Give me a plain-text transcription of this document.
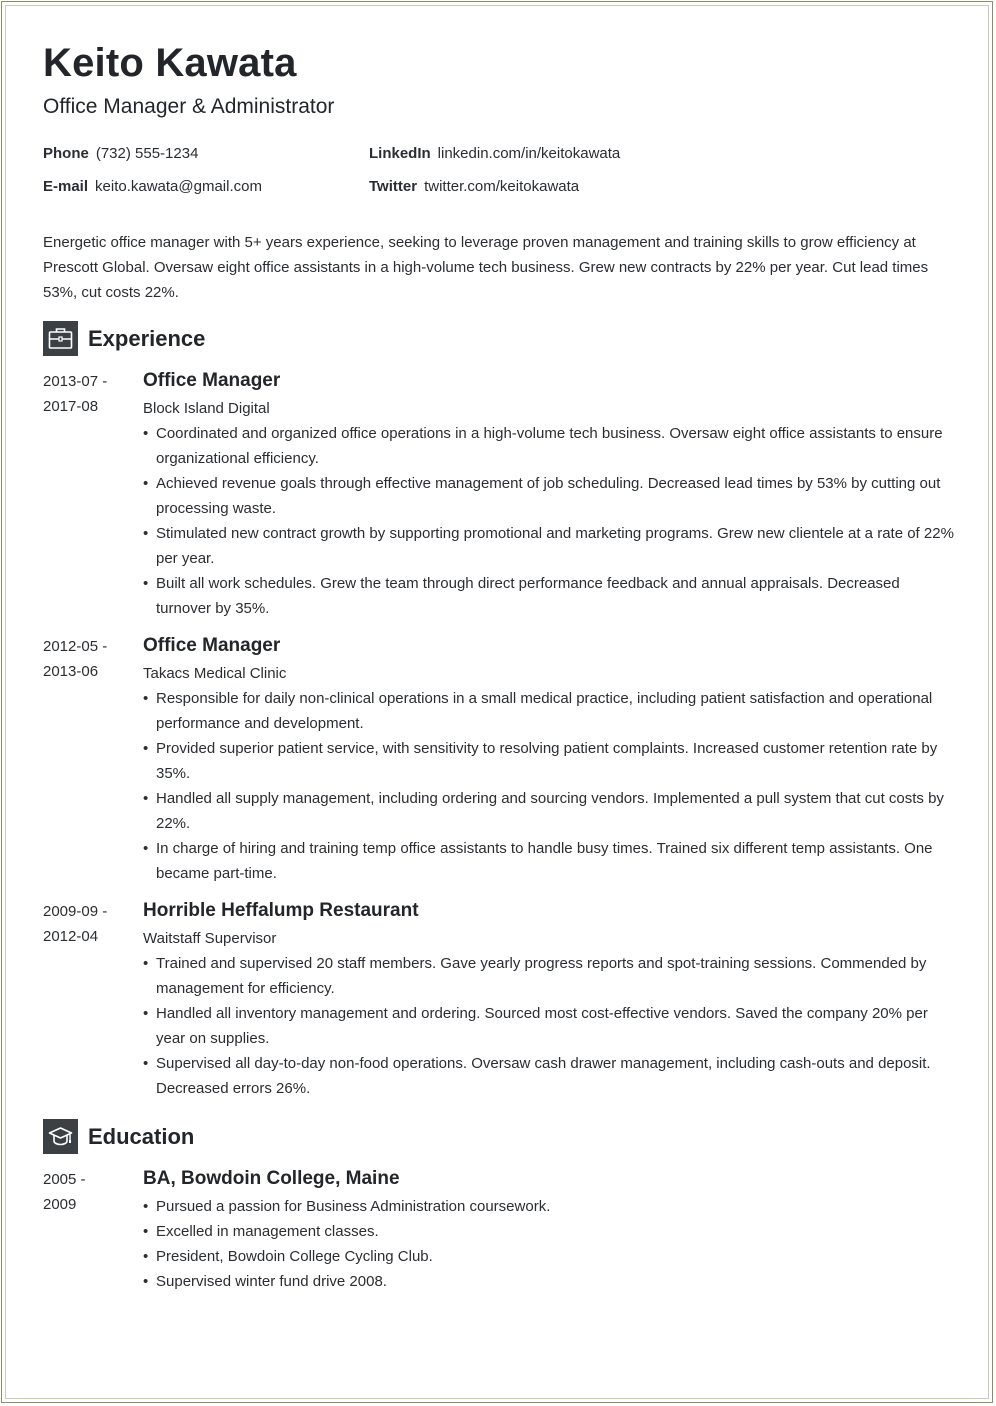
Keito Kawata
Office Manager & Administrator
Phone (732) 555-1234
E-mail keito.kawata@gmail.com
LinkedIn linkedin.com/in/keitokawata
Twitter twitter.com/keitokawata
Energetic office manager with 5+ years experience, seeking to leverage proven management and training skills to grow efficiency at Prescott Global. Oversaw eight office assistants in a high-volume tech business. Grew new contracts by 22% per year. Cut lead times 53%, cut costs 22%.
Experience
2013-07 -
2017-08
Office Manager
Block Island Digital
• Coordinated and organized office operations in a high-volume tech business. Oversaw eight office assistants to ensure organizational efficiency.
• Achieved revenue goals through effective management of job scheduling. Decreased lead times by 53% by cutting out processing waste.
• Stimulated new contract growth by supporting promotional and marketing programs. Grew new clientele at a rate of 22% per year.
• Built all work schedules. Grew the team through direct performance feedback and annual appraisals. Decreased turnover by 35%.
2012-05 -
2013-06
Office Manager
Takacs Medical Clinic
• Responsible for daily non-clinical operations in a small medical practice, including patient satisfaction and operational performance and development.
• Provided superior patient service, with sensitivity to resolving patient complaints. Increased customer retention rate by 35%.
• Handled all supply management, including ordering and sourcing vendors. Implemented a pull system that cut costs by 22%.
• In charge of hiring and training temp office assistants to handle busy times. Trained six different temp assistants. One became part-time.
2009-09 -
2012-04
Horrible Heffalump Restaurant
Waitstaff Supervisor
• Trained and supervised 20 staff members. Gave yearly progress reports and spot-training sessions. Commended by management for efficiency.
• Handled all inventory management and ordering. Sourced most cost-effective vendors. Saved the company 20% per year on supplies.
• Supervised all day-to-day non-food operations. Oversaw cash drawer management, including cash-outs and deposit. Decreased errors 26%.
Education
2005 -
2009
BA, Bowdoin College, Maine
• Pursued a passion for Business Administration coursework.
• Excelled in management classes.
• President, Bowdoin College Cycling Club.
• Supervised winter fund drive 2008.
